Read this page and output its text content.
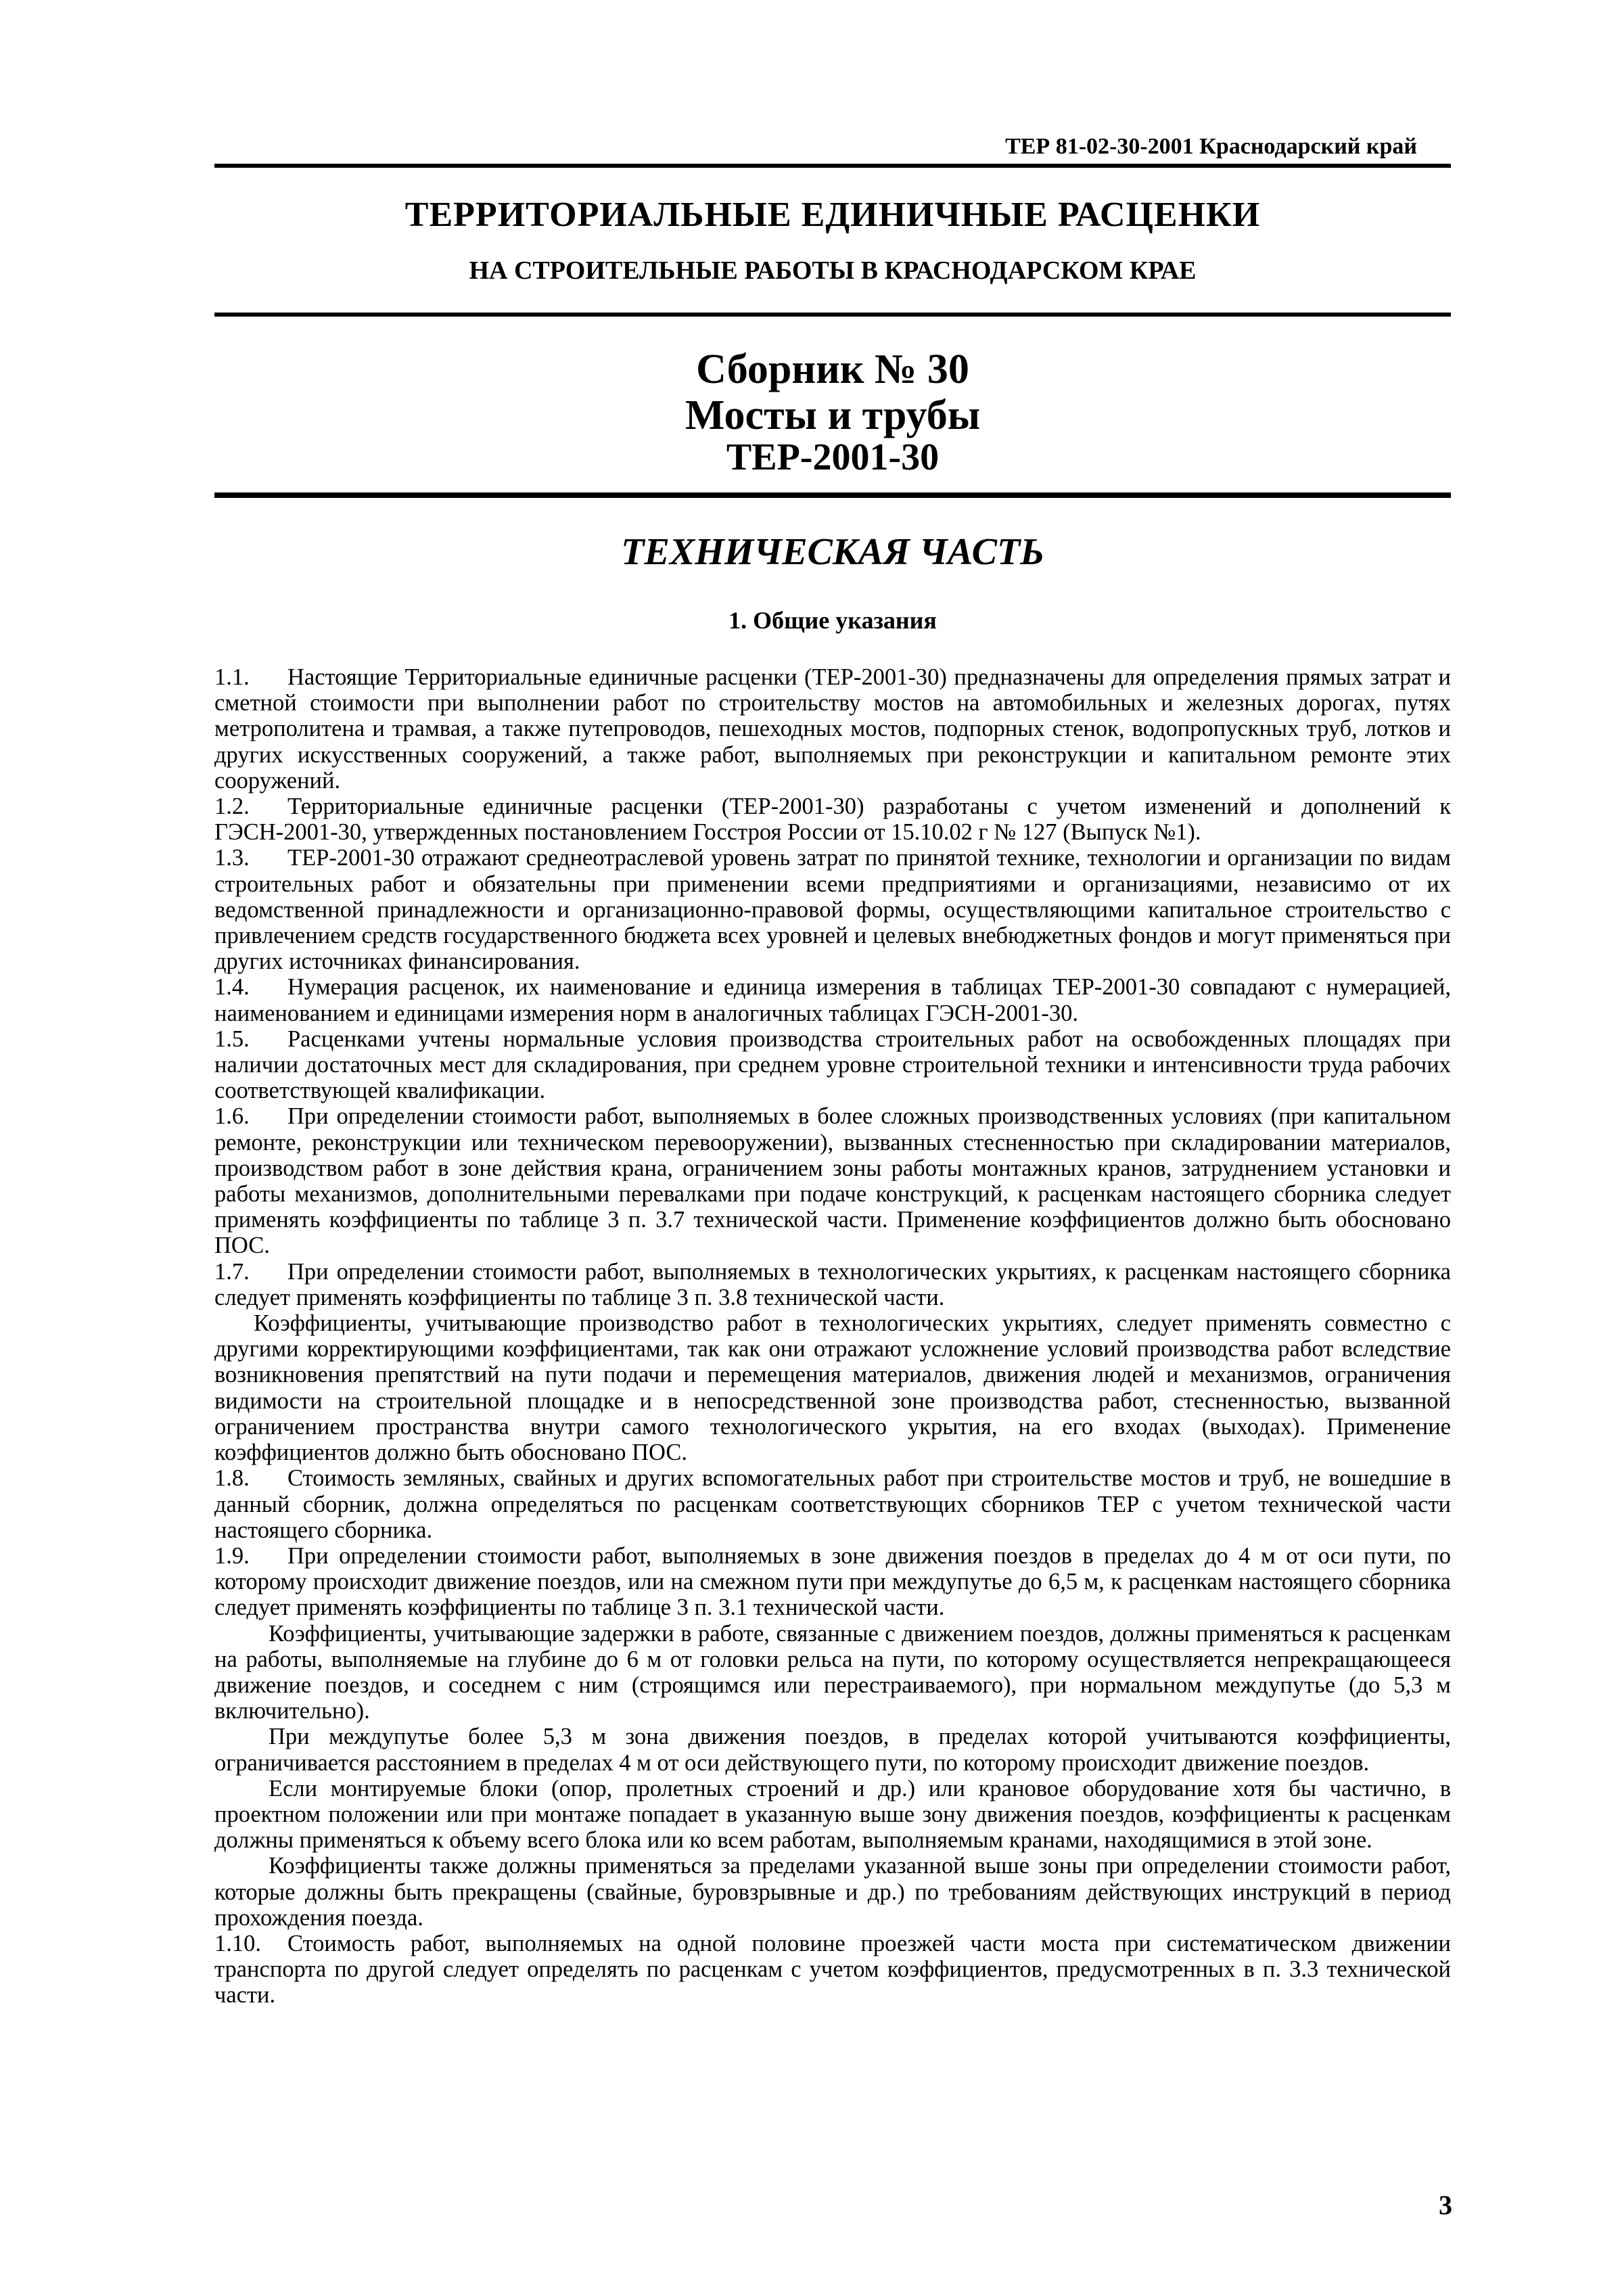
ТЕР 81-02-30-2001 Краснодарский край
ТЕРРИТОРИАЛЬНЫЕ ЕДИНИЧНЫЕ РАСЦЕНКИ
НА СТРОИТЕЛЬНЫЕ РАБОТЫ В КРАСНОДАРСКОМ КРАЕ
Сборник № 30
Мосты и трубы
ТЕР-2001-30
ТЕХНИЧЕСКАЯ ЧАСТЬ
1. Общие указания

1.1. Настоящие Территориальные единичные расценки (ТЕР-2001-30) предназначены для определения прямых затрат и сметной стоимости при выполнении работ по строительству мостов на автомобильных и железных дорогах, путях метрополитена и трамвая, а также путепроводов, пешеходных мостов, подпорных стенок, водопропускных труб, лотков и других искусственных сооружений, а также работ, выполняемых при реконструкции и капитальном ремонте этих сооружений.

1.2. Территориальные единичные расценки (ТЕР-2001-30) разработаны с учетом изменений и дополнений к ГЭСН-2001-30, утвержденных постановлением Госстроя России от 15.10.02 г № 127 (Выпуск №1).

1.3. ТЕР-2001-30 отражают среднеотраслевой уровень затрат по принятой технике, технологии и организации по видам строительных работ и обязательны при применении всеми предприятиями и организациями, независимо от их ведомственной принадлежности и организационно-правовой формы, осуществляющими капитальное строительство с привлечением средств государственного бюджета всех уровней и целевых внебюджетных фондов и могут применяться при других источниках финансирования.

1.4. Нумерация расценок, их наименование и единица измерения в таблицах ТЕР-2001-30 совпадают с нумерацией, наименованием и единицами измерения норм в аналогичных таблицах ГЭСН-2001-30.

1.5. Расценками учтены нормальные условия производства строительных работ на освобожденных площадях при наличии достаточных мест для складирования, при среднем уровне строительной техники и интенсивности труда рабочих соответствующей квалификации.

1.6. При определении стоимости работ, выполняемых в более сложных производственных условиях (при капитальном ремонте, реконструкции или техническом перевооружении), вызванных стесненностью при складировании материалов, производством работ в зоне действия крана, ограничением зоны работы монтажных кранов, затруднением установки и работы механизмов, дополнительными перевалками при подаче конструкций, к расценкам настоящего сборника следует применять коэффициенты по таблице 3 п. 3.7 технической части. Применение коэффициентов должно быть обосновано ПОС.

1.7. При определении стоимости работ, выполняемых в технологических укрытиях, к расценкам настоящего сборника следует применять коэффициенты по таблице 3 п. 3.8 технической части.

Коэффициенты, учитывающие производство работ в технологических укрытиях, следует применять совместно с другими корректирующими коэффициентами, так как они отражают усложнение условий производства работ вследствие возникновения препятствий на пути подачи и перемещения материалов, движения людей и механизмов, ограничения видимости на строительной площадке и в непосредственной зоне производства работ, стесненностью, вызванной ограничением пространства внутри самого технологического укрытия, на его входах (выходах). Применение коэффициентов должно быть обосновано ПОС.

1.8. Стоимость земляных, свайных и других вспомогательных работ при строительстве мостов и труб, не вошедшие в данный сборник, должна определяться по расценкам соответствующих сборников ТЕР с учетом технической части настоящего сборника.

1.9. При определении стоимости работ, выполняемых в зоне движения поездов в пределах до 4 м от оси пути, по которому происходит движение поездов, или на смежном пути при междупутье до 6,5 м, к расценкам настоящего сборника следует применять коэффициенты по таблице 3 п. 3.1 технической части.

Коэффициенты, учитывающие задержки в работе, связанные с движением поездов, должны применяться к расценкам на работы, выполняемые на глубине до 6 м от головки рельса на пути, по которому осуществляется непрекращающееся движение поездов, и соседнем с ним (строящимся или перестраиваемого), при нормальном междупутье (до 5,3 м включительно).

При междупутье более 5,3 м зона движения поездов, в пределах которой учитываются коэффициенты, ограничивается расстоянием в пределах 4 м от оси действующего пути, по которому происходит движение поездов.

Если монтируемые блоки (опор, пролетных строений и др.) или крановое оборудование хотя бы частично, в проектном положении или при монтаже попадает в указанную выше зону движения поездов, коэффициенты к расценкам должны применяться к объему всего блока или ко всем работам, выполняемым кранами, находящимися в этой зоне.

Коэффициенты также должны применяться за пределами указанной выше зоны при определении стоимости работ, которые должны быть прекращены (свайные, буровзрывные и др.) по требованиям действующих инструкций в период прохождения поезда.

1.10. Стоимость работ, выполняемых на одной половине проезжей части моста при систематическом движении транспорта по другой следует определять по расценкам с учетом коэффициентов, предусмотренных в п. 3.3 технической части.

3
